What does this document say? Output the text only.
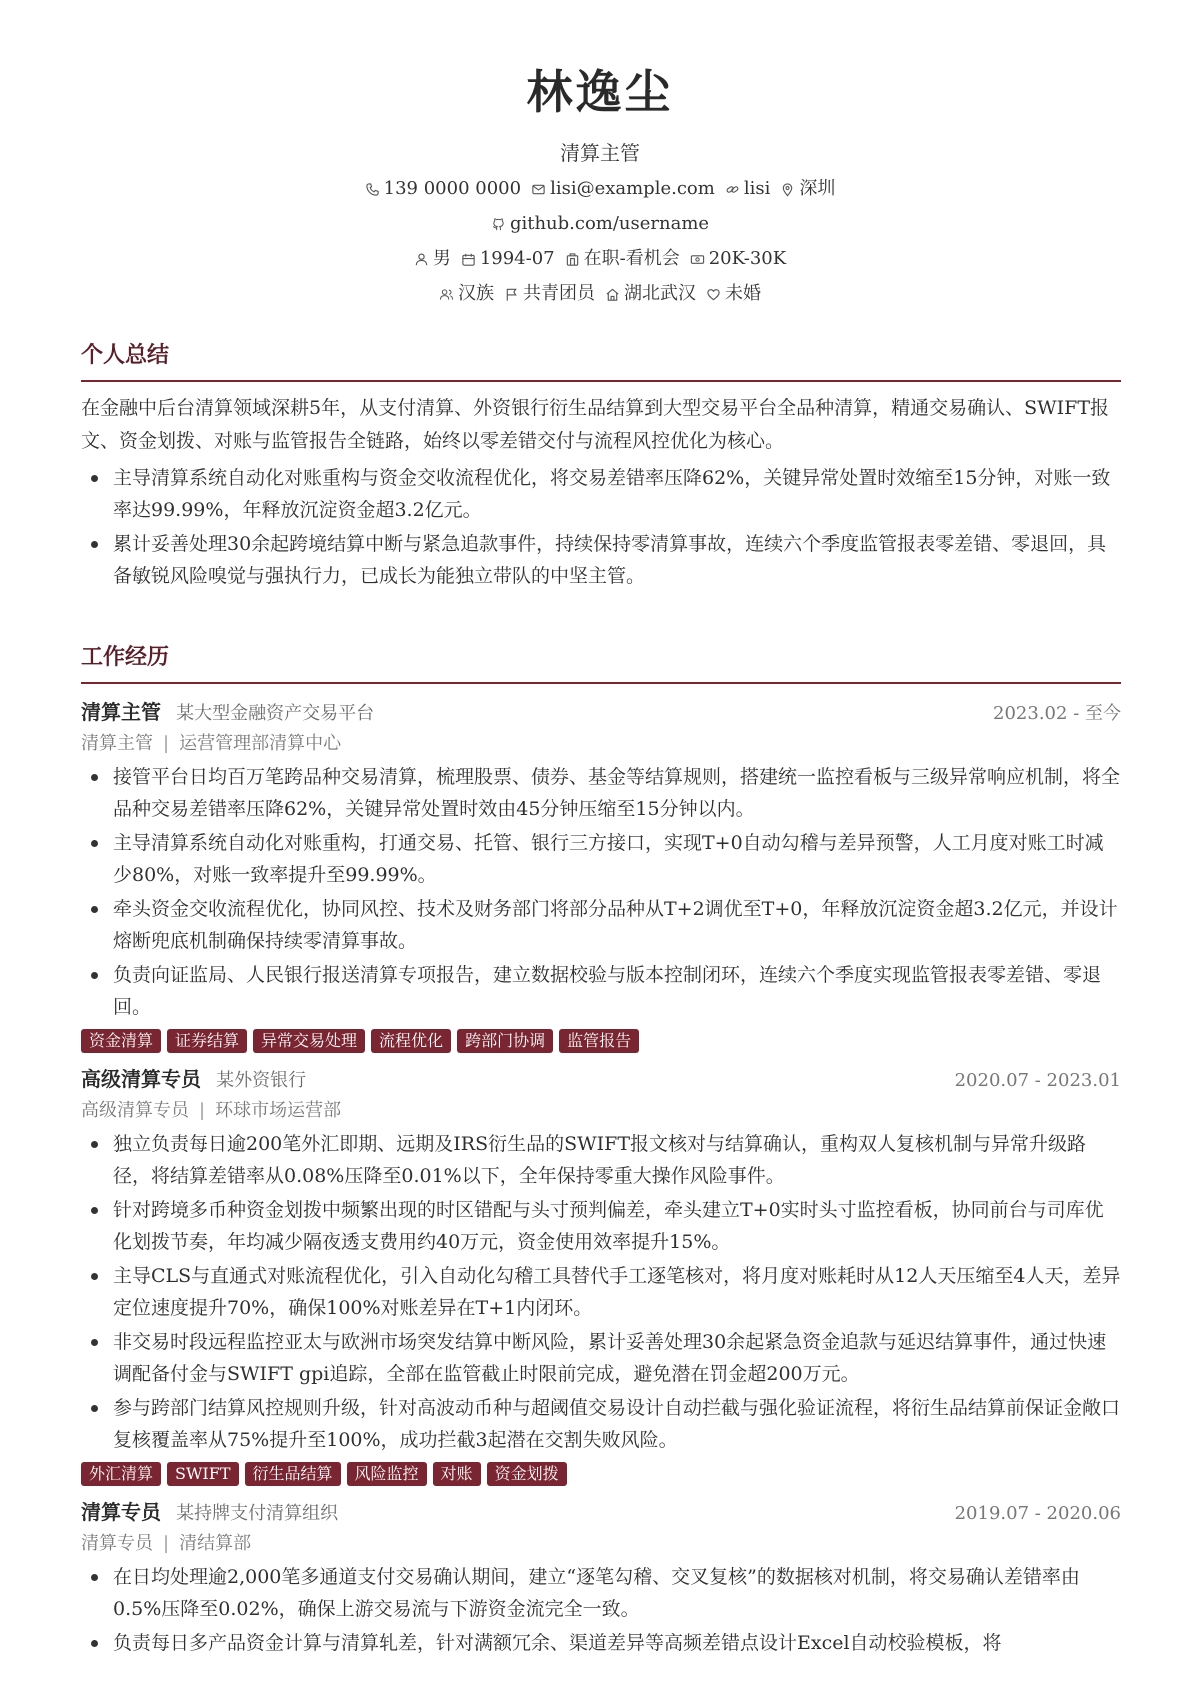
林逸尘
清算主管
139 0000 0000 lisi@example.com lisi 深圳
github.com/username
男 1994-07 在职-看机会 20K-30K
汉族 共青团员 湖北武汉 未婚
个人总结
在金融中后台清算领域深耕5年，从支付清算、外资银行衍生品结算到大型交易平台全品种清算，精通交易确认、SWIFT报文、资金划拨、对账与监管报告全链路，始终以零差错交付与流程风控优化为核心。
主导清算系统自动化对账重构与资金交收流程优化，将交易差错率压降62%，关键异常处置时效缩至15分钟，对账一致率达99.99%，年释放沉淀资金超3.2亿元。
累计妥善处理30余起跨境结算中断与紧急追款事件，持续保持零清算事故，连续六个季度监管报表零差错、零退回，具备敏锐风险嗅觉与强执行力，已成长为能独立带队的中坚主管。
工作经历
清算主管 某大型金融资产交易平台	2023.02 - 至今
清算主管 | 运营管理部清算中心
接管平台日均百万笔跨品种交易清算，梳理股票、债券、基金等结算规则，搭建统一监控看板与三级异常响应机制，将全品种交易差错率压降62%，关键异常处置时效由45分钟压缩至15分钟以内。
主导清算系统自动化对账重构，打通交易、托管、银行三方接口，实现T+0自动勾稽与差异预警，人工月度对账工时减少80%，对账一致率提升至99.99%。
牵头资金交收流程优化，协同风控、技术及财务部门将部分品种从T+2调优至T+0，年释放沉淀资金超3.2亿元，并设计熔断兜底机制确保持续零清算事故。
负责向证监局、人民银行报送清算专项报告，建立数据校验与版本控制闭环，连续六个季度实现监管报表零差错、零退回。
资金清算	证券结算	异常交易处理	流程优化	跨部门协调	监管报告
高级清算专员 某外资银行	2020.07 - 2023.01
高级清算专员 | 环球市场运营部
独立负责每日逾200笔外汇即期、远期及IRS衍生品的SWIFT报文核对与结算确认，重构双人复核机制与异常升级路径，将结算差错率从0.08%压降至0.01%以下，全年保持零重大操作风险事件。
针对跨境多币种资金划拨中频繁出现的时区错配与头寸预判偏差，牵头建立T+0实时头寸监控看板，协同前台与司库优化划拨节奏，年均减少隔夜透支费用约40万元，资金使用效率提升15%。
主导CLS与直通式对账流程优化，引入自动化勾稽工具替代手工逐笔核对，将月度对账耗时从12人天压缩至4人天，差异定位速度提升70%，确保100%对账差异在T+1内闭环。
非交易时段远程监控亚太与欧洲市场突发结算中断风险，累计妥善处理30余起紧急资金追款与延迟结算事件，通过快速调配备付金与SWIFT gpi追踪，全部在监管截止时限前完成，避免潜在罚金超200万元。
参与跨部门结算风控规则升级，针对高波动币种与超阈值交易设计自动拦截与强化验证流程，将衍生品结算前保证金敞口复核覆盖率从75%提升至100%，成功拦截3起潜在交割失败风险。
外汇清算	SWIFT	衍生品结算	风险监控	对账	资金划拨
清算专员 某持牌支付清算组织	2019.07 - 2020.06
清算专员 | 清结算部
在日均处理逾2,000笔多通道支付交易确认期间，建立“逐笔勾稽、交叉复核”的数据核对机制，将交易确认差错率由0.5%压降至0.02%，确保上游交易流与下游资金流完全一致。
负责每日多产品资金计算与清算轧差，针对满额冗余、渠道差异等高频差错点设计Excel自动校验模板，将
